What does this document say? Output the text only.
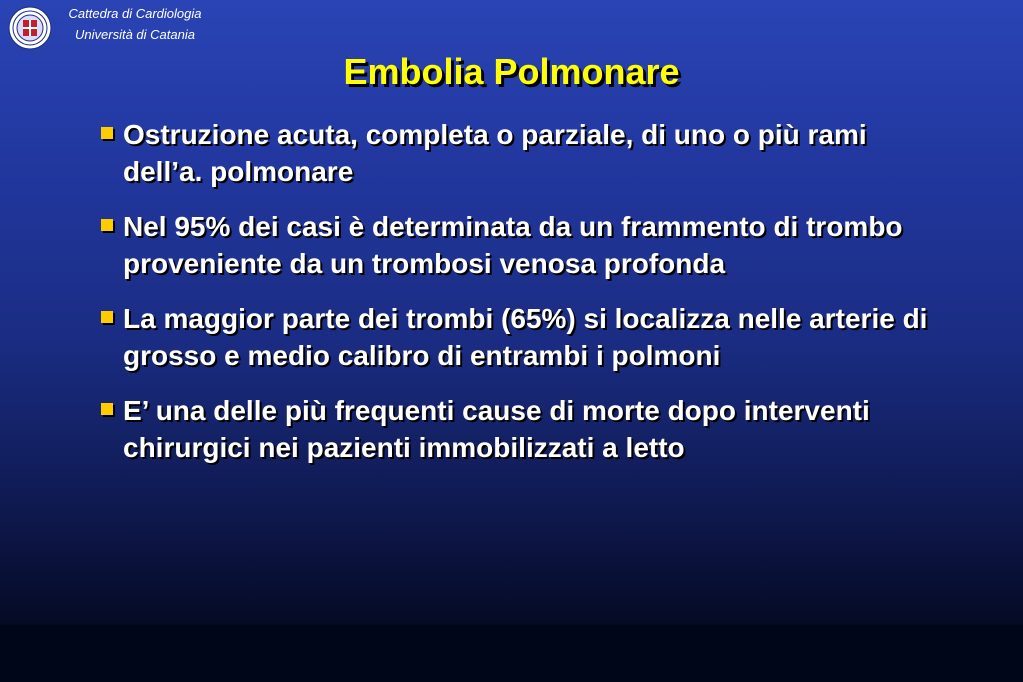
Cattedra di Cardiologia
Università di Catania
Embolia Polmonare
Ostruzione acuta, completa o parziale, di uno o più rami dell’a. polmonare
Nel 95% dei casi è determinata da un frammento di trombo proveniente da un trombosi venosa profonda
La maggior parte dei trombi (65%) si localizza nelle arterie di grosso e medio calibro di entrambi i polmoni
E’ una delle più frequenti cause di morte dopo interventi chirurgici nei pazienti immobilizzati a letto
